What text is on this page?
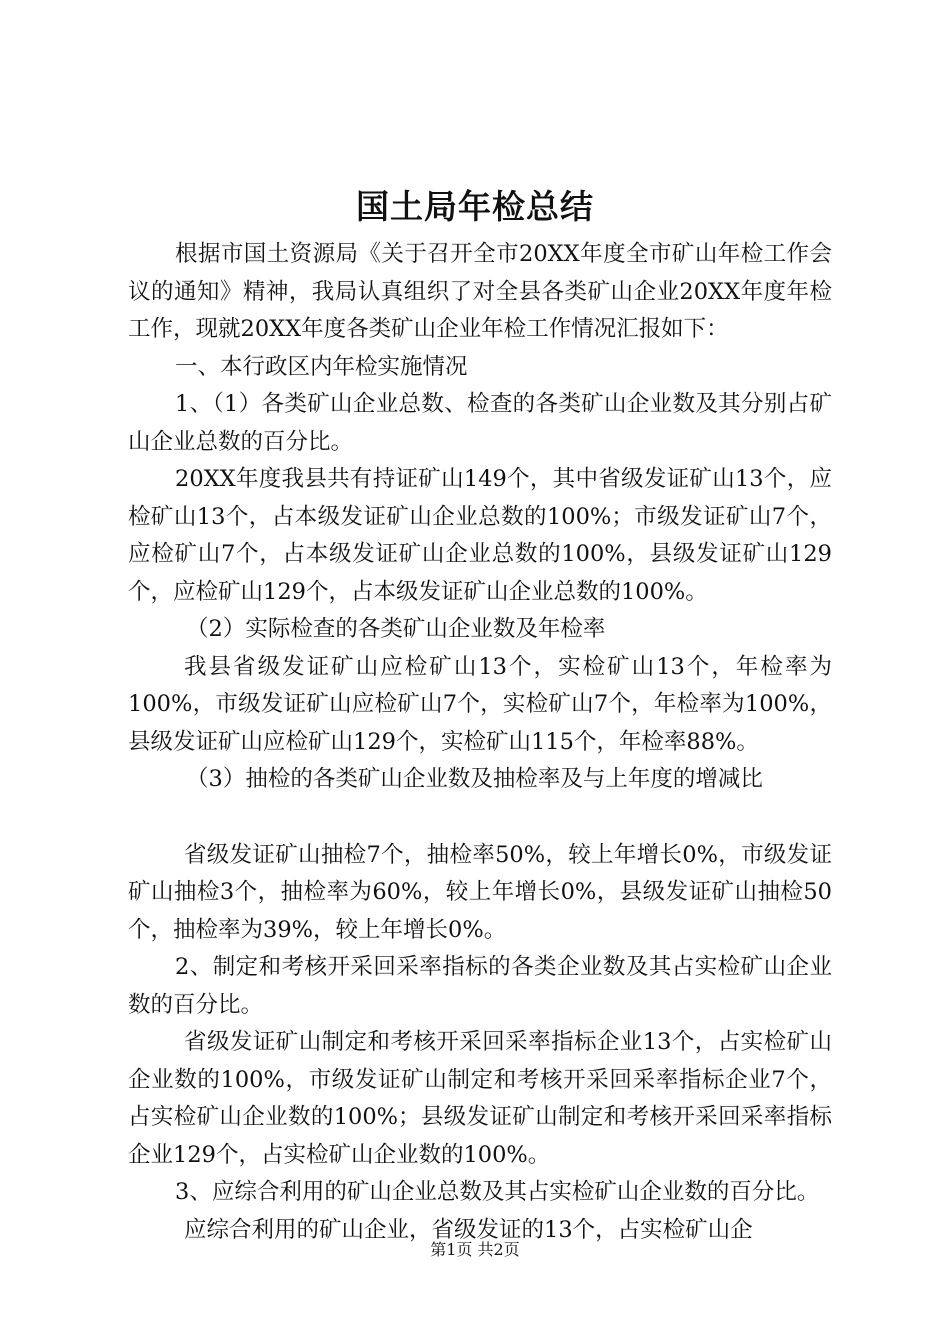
国土局年检总结

根据市国土资源局《关于召开全市20XX年度全市矿山年检工作会议的通知》精神，我局认真组织了对全县各类矿山企业20XX年度年检工作，现就20XX年度各类矿山企业年检工作情况汇报如下：

一、本行政区内年检实施情况

1、（1）各类矿山企业总数、检查的各类矿山企业数及其分别占矿山企业总数的百分比。

20XX年度我县共有持证矿山149个，其中省级发证矿山13个，应检矿山13个，占本级发证矿山企业总数的100%；市级发证矿山7个，应检矿山7个，占本级发证矿山企业总数的100%，县级发证矿山129个，应检矿山129个，占本级发证矿山企业总数的100%。

（2）实际检查的各类矿山企业数及年检率

我县省级发证矿山应检矿山13个，实检矿山13个，年检率为100%，市级发证矿山应检矿山7个，实检矿山7个，年检率为100%，县级发证矿山应检矿山129个，实检矿山115个，年检率88%。

（3）抽检的各类矿山企业数及抽检率及与上年度的增减比

省级发证矿山抽检7个，抽检率50%，较上年增长0%，市级发证矿山抽检3个，抽检率为60%，较上年增长0%，县级发证矿山抽检50个，抽检率为39%，较上年增长0%。

2、制定和考核开采回采率指标的各类企业数及其占实检矿山企业数的百分比。

省级发证矿山制定和考核开采回采率指标企业13个，占实检矿山企业数的100%，市级发证矿山制定和考核开采回采率指标企业7个，占实检矿山企业数的100%；县级发证矿山制定和考核开采回采率指标企业129个，占实检矿山企业数的100%。

3、应综合利用的矿山企业总数及其占实检矿山企业数的百分比。

应综合利用的矿山企业，省级发证的13个，占实检矿山企

第1页 共2页
